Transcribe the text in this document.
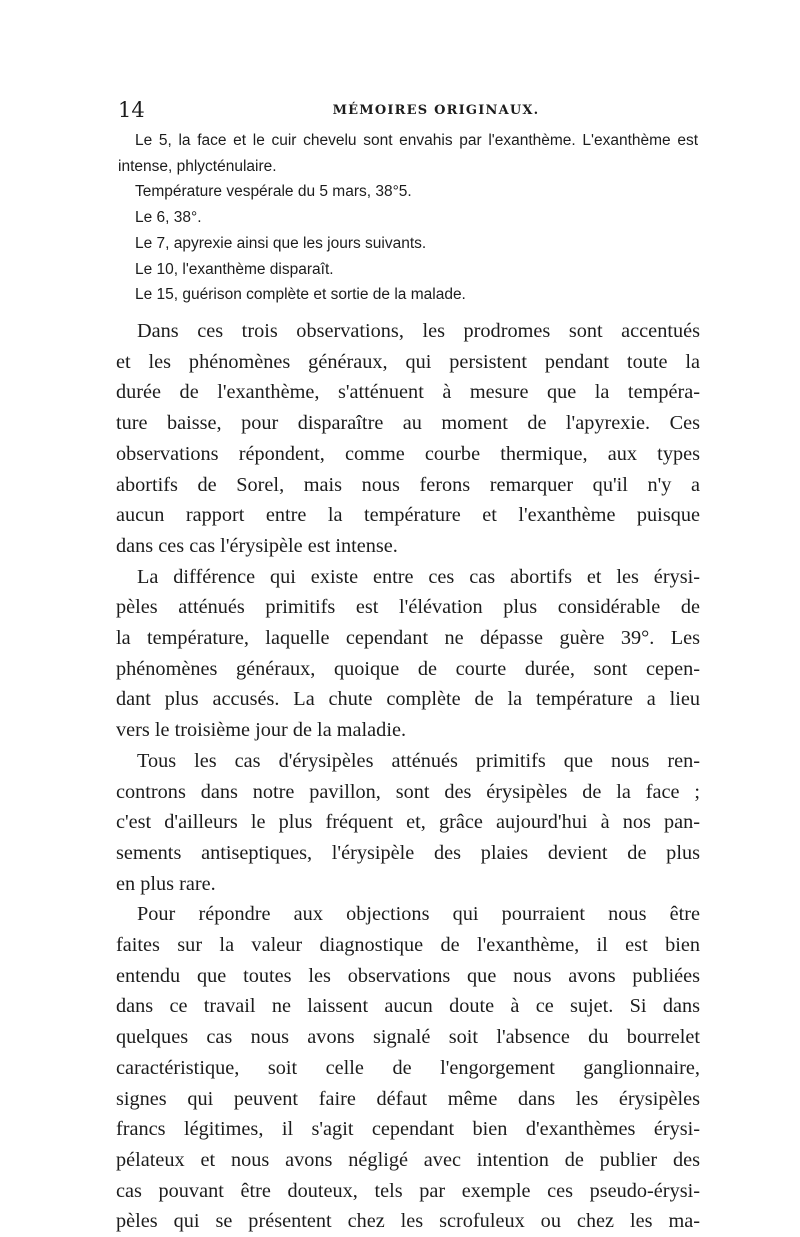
14	MÉMOIRES ORIGINAUX.
Le 5, la face et le cuir chevelu sont envahis par l'exanthème. L'exanthème est intense, phlycténulaire.
Température vespérale du 5 mars, 38°5.
Le 6, 38°.
Le 7, apyrexie ainsi que les jours suivants.
Le 10, l'exanthème disparaît.
Le 15, guérison complète et sortie de la malade.

Dans ces trois observations, les prodromes sont accentués

et les phénomènes généraux, qui persistent pendant toute la

durée de l'exanthème, s'atténuent à mesure que la tempéra-

ture baisse, pour disparaître au moment de l'apyrexie. Ces

observations répondent, comme courbe thermique, aux types

abortifs de Sorel, mais nous ferons remarquer qu'il n'y a

aucun rapport entre la température et l'exanthème puisque

dans ces cas l'érysipèle est intense.

La différence qui existe entre ces cas abortifs et les érysi-

pèles atténués primitifs est l'élévation plus considérable de

la température, laquelle cependant ne dépasse guère 39°. Les

phénomènes généraux, quoique de courte durée, sont cepen-

dant plus accusés. La chute complète de la température a lieu

vers le troisième jour de la maladie.

Tous les cas d'érysipèles atténués primitifs que nous ren-

controns dans notre pavillon, sont des érysipèles de la face ;

c'est d'ailleurs le plus fréquent et, grâce aujourd'hui à nos pan-

sements antiseptiques, l'érysipèle des plaies devient de plus

en plus rare.

Pour répondre aux objections qui pourraient nous être

faites sur la valeur diagnostique de l'exanthème, il est bien

entendu que toutes les observations que nous avons publiées

dans ce travail ne laissent aucun doute à ce sujet. Si dans

quelques cas nous avons signalé soit l'absence du bourrelet

caractéristique, soit celle de l'engorgement ganglionnaire,

signes qui peuvent faire défaut même dans les érysipèles

francs légitimes, il s'agit cependant bien d'exanthèmes érysi-

pélateux et nous avons négligé avec intention de publier des

cas pouvant être douteux, tels par exemple ces pseudo-érysi-

pèles qui se présentent chez les scrofuleux ou chez les ma-
